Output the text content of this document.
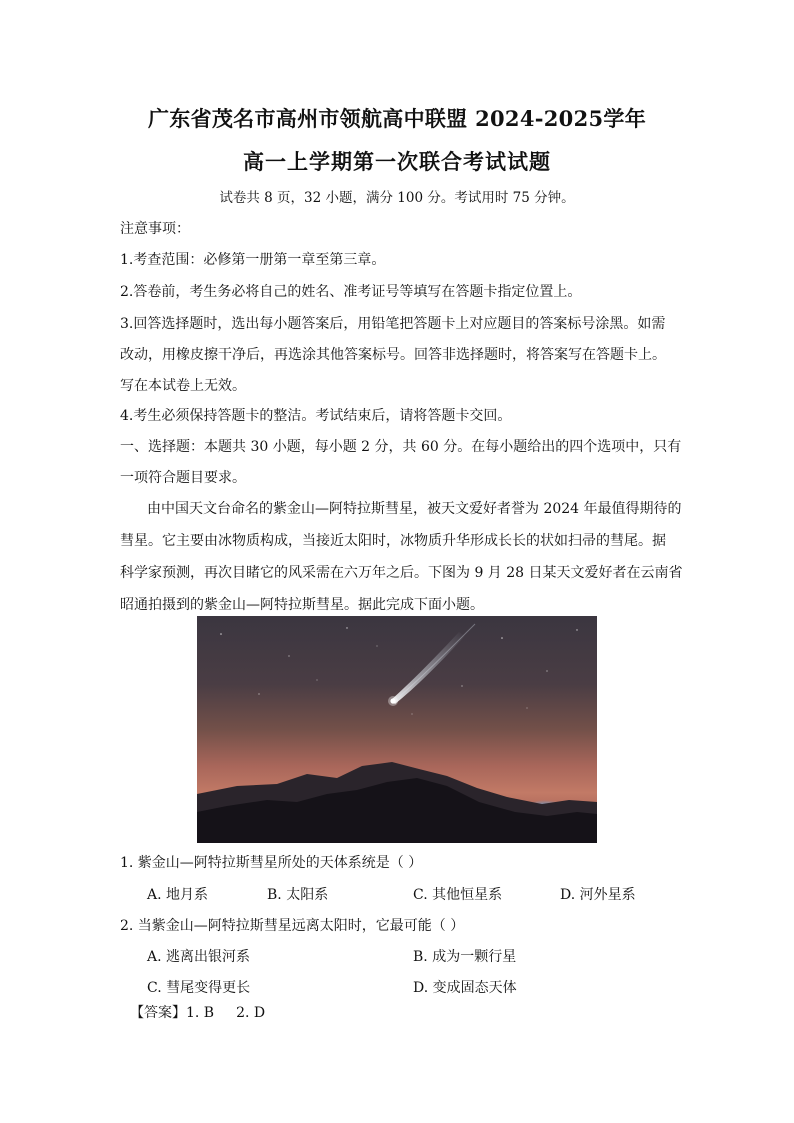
广东省茂名市高州市领航高中联盟 2024-2025学年
高一上学期第一次联合考试试题
试卷共 8 页，32 小题，满分 100 分。考试用时 75 分钟。
注意事项：
1.考查范围：必修第一册第一章至第三章。
2.答卷前，考生务必将自己的姓名、准考证号等填写在答题卡指定位置上。
3.回答选择题时，选出每小题答案后，用铅笔把答题卡上对应题目的答案标号涂黑。如需
改动，用橡皮擦干净后，再选涂其他答案标号。回答非选择题时，将答案写在答题卡上。
写在本试卷上无效。
4.考生必须保持答题卡的整洁。考试结束后，请将答题卡交回。
一、选择题：本题共 30 小题，每小题 2 分，共 60 分。在每小题给出的四个选项中，只有
一项符合题目要求。
由中国天文台命名的紫金山—阿特拉斯彗星，被天文爱好者誉为 2024 年最值得期待的
彗星。它主要由冰物质构成，当接近太阳时，冰物质升华形成长长的状如扫帚的彗尾。据
科学家预测，再次目睹它的风采需在六万年之后。下图为 9 月 28 日某天文爱好者在云南省
昭通拍摄到的紫金山—阿特拉斯彗星。据此完成下面小题。
1. 紫金山—阿特拉斯彗星所处的天体系统是（ ）
A. 地月系	B. 太阳系	C. 其他恒星系	D. 河外星系
2. 当紫金山—阿特拉斯彗星远离太阳时，它最可能（ ）
A. 逃离出银河系	B. 成为一颗行星
C. 彗尾变得更长	D. 变成固态天体
【答案】1. B 2. D
